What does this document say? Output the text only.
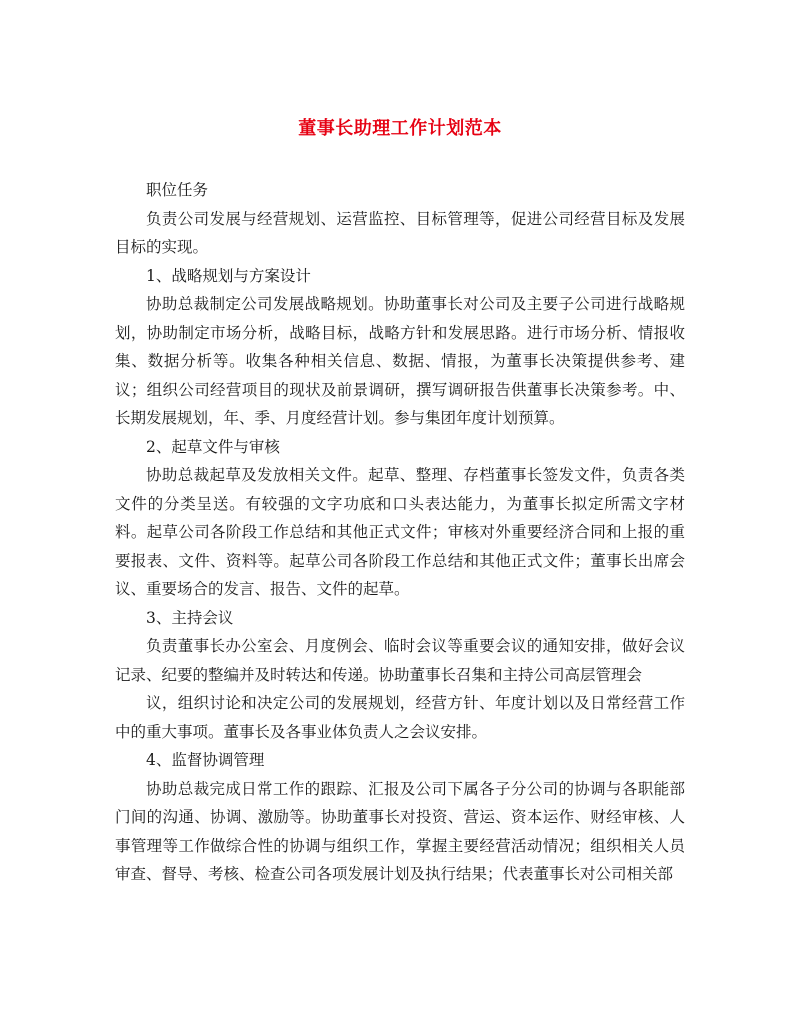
董事长助理工作计划范本

职位任务

负责公司发展与经营规划、运营监控、目标管理等，促进公司经营目标及发展目标的实现。

1、战略规划与方案设计

协助总裁制定公司发展战略规划。协助董事长对公司及主要子公司进行战略规划，协助制定市场分析，战略目标，战略方针和发展思路。进行市场分析、情报收集、数据分析等。收集各种相关信息、数据、情报，为董事长决策提供参考、建议；组织公司经营项目的现状及前景调研，撰写调研报告供董事长决策参考。中、长期发展规划，年、季、月度经营计划。参与集团年度计划预算。

2、起草文件与审核

协助总裁起草及发放相关文件。起草、整理、存档董事长签发文件，负责各类文件的分类呈送。有较强的文字功底和口头表达能力，为董事长拟定所需文字材料。起草公司各阶段工作总结和其他正式文件；审核对外重要经济合同和上报的重要报表、文件、资料等。起草公司各阶段工作总结和其他正式文件；董事长出席会议、重要场合的发言、报告、文件的起草。

3、主持会议

负责董事长办公室会、月度例会、临时会议等重要会议的通知安排，做好会议记录、纪要的整编并及时转达和传递。协助董事长召集和主持公司高层管理会

议，组织讨论和决定公司的发展规划，经营方针、年度计划以及日常经营工作中的重大事项。董事长及各事业体负责人之会议安排。

4、监督协调管理

协助总裁完成日常工作的跟踪、汇报及公司下属各子分公司的协调与各职能部门间的沟通、协调、激励等。协助董事长对投资、营运、资本运作、财经审核、人事管理等工作做综合性的协调与组织工作，掌握主要经营活动情况；组织相关人员审查、督导、考核、检查公司各项发展计划及执行结果；代表董事长对公司相关部
